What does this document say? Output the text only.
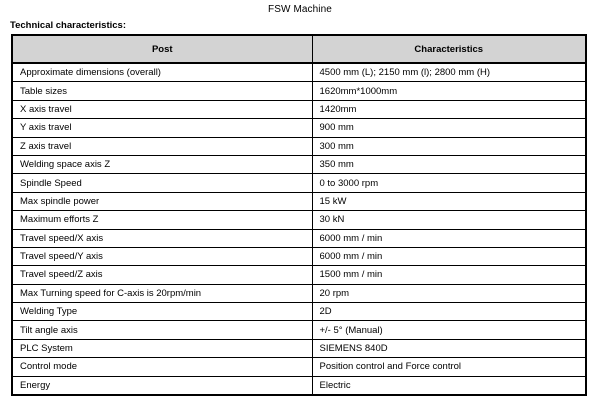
FSW Machine
Technical characteristics:
Post	Characteristics
Approximate dimensions (overall)	4500 mm (L); 2150 mm (l); 2800 mm (H)
Table sizes	1620mm*1000mm
X axis travel	1420mm
Y axis travel	900 mm
Z axis travel	300 mm
Welding space axis Z	350 mm
Spindle Speed	0 to 3000 rpm
Max spindle power	15 kW
Maximum efforts Z	30 kN
Travel speed/X axis	6000 mm / min
Travel speed/Y axis	6000 mm / min
Travel speed/Z axis	1500 mm / min
Max Turning speed for C-axis is 20rpm/min	20 rpm
Welding Type	2D
Tilt angle axis	+/- 5° (Manual)
PLC System	SIEMENS 840D
Control mode	Position control and Force control
Energy	Electric
